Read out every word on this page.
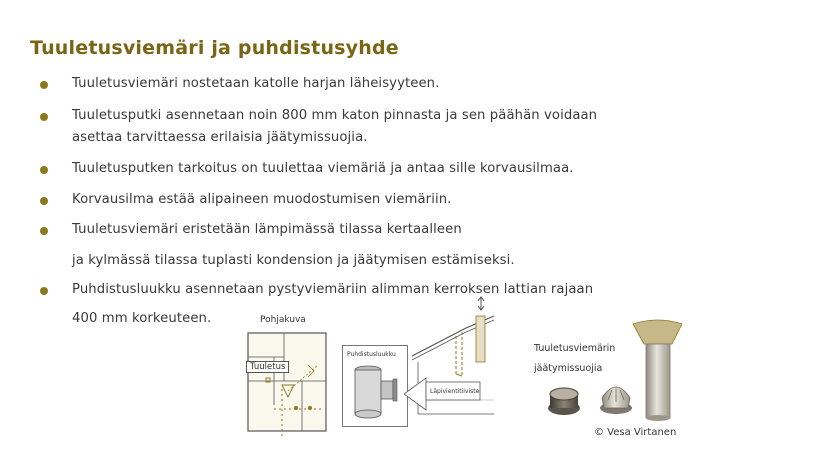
Tuuletusviemäri ja puhdistusyhde
Tuuletusviemäri nostetaan katolle harjan läheisyyteen.
Tuuletusputki asennetaan noin 800 mm katon pinnasta ja sen päähän voidaan
asettaa tarvittaessa erilaisia jäätymissuojia.
Tuuletusputken tarkoitus on tuulettaa viemäriä ja antaa sille korvausilmaa.
Korvausilma estää alipaineen muodostumisen viemäriin.
Tuuletusviemäri eristetään lämpimässä tilassa kertaalleen
ja kylmässä tilassa tuplasti kondension ja jäätymisen estämiseksi.
Puhdistusluukku asennetaan pystyviemäriin alimman kerroksen lattian rajaan
400 mm korkeuteen.	Pohjakuva
Tuuletus
Puhdistusluukku
Läpivientitiiviste
Tuuletusviemärin
jäätymissuojia
© Vesa Virtanen
